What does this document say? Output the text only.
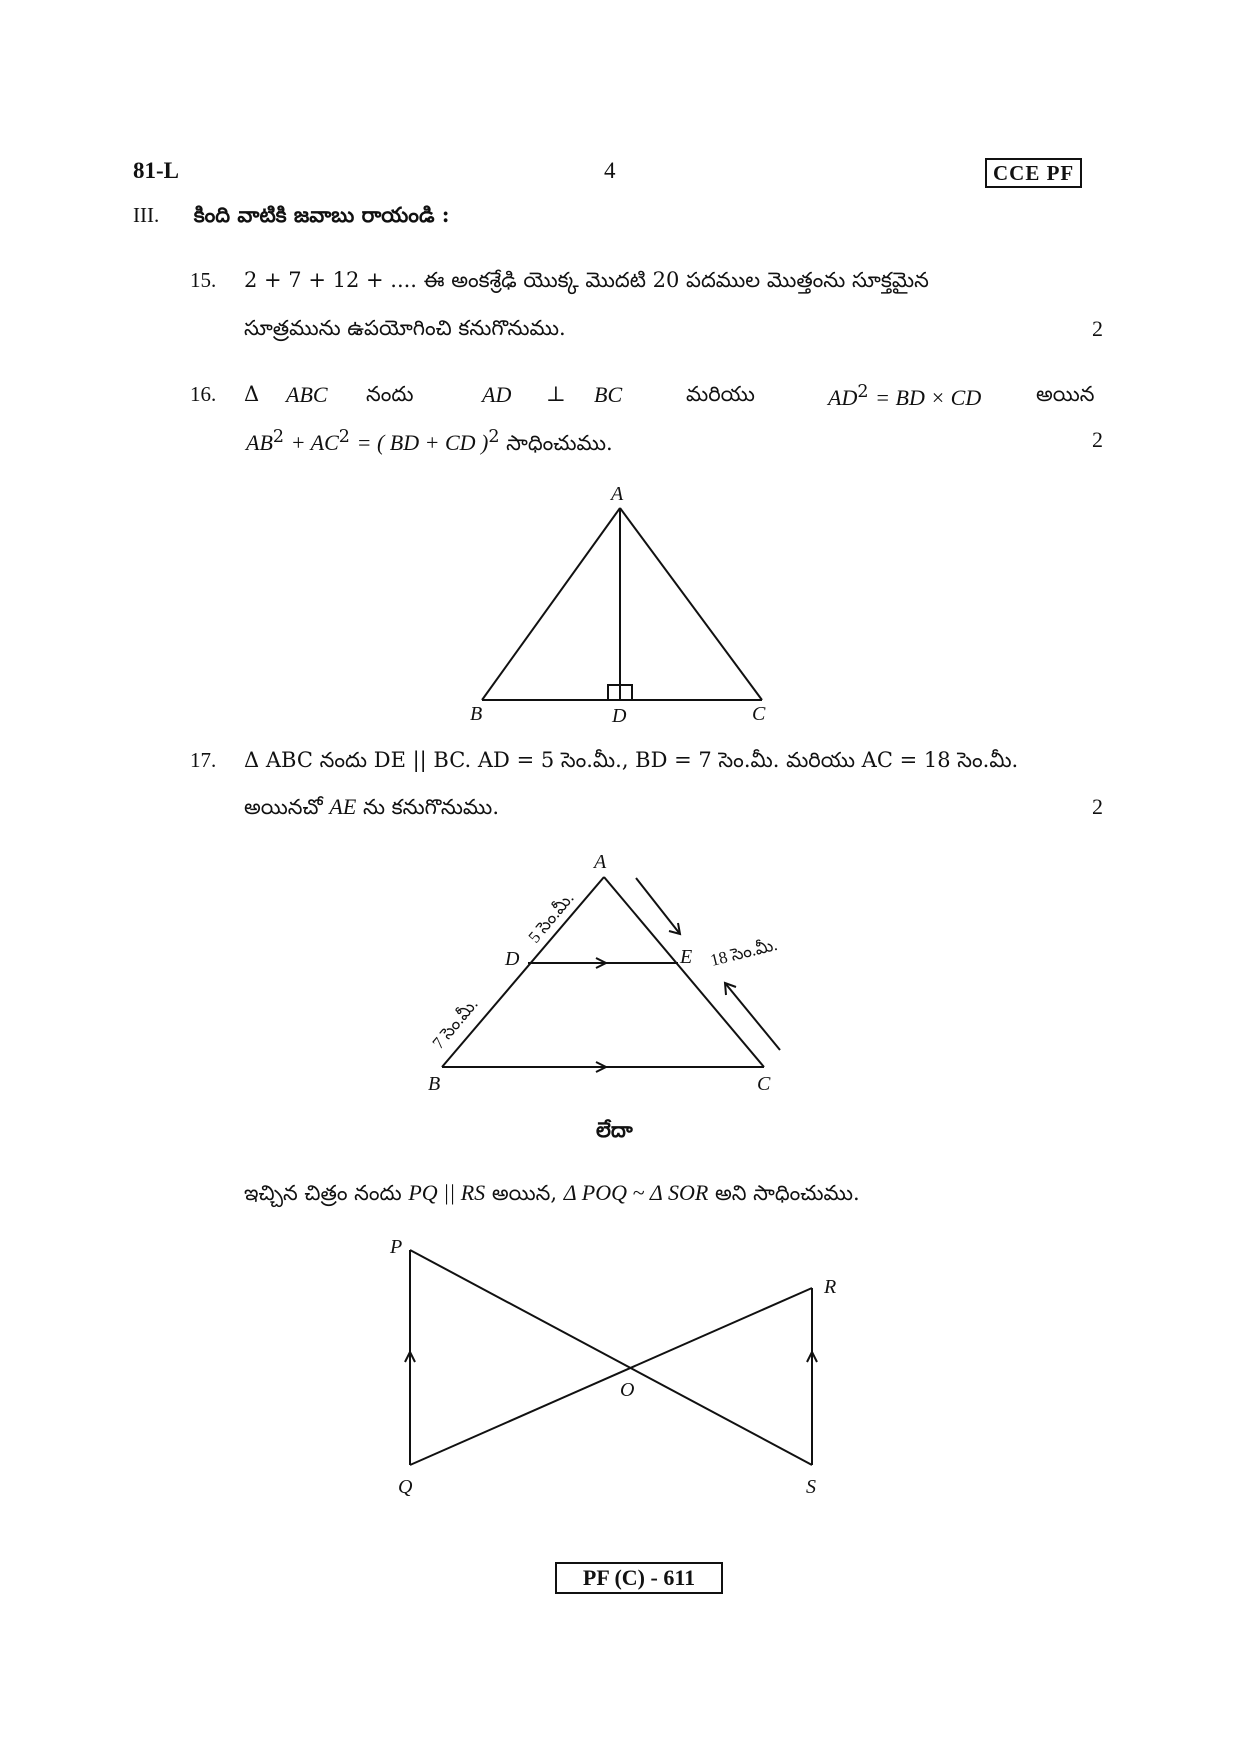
81-L	4	CCE PF
III. కింది వాటికి జవాబు రాయండి :
15. 2 + 7 + 12 + .... ఈ అంకశ్రేఢి యొక్క మొదటి 20 పదముల మొత్తంను సూక్తమైన
సూత్రమును ఉపయోగించి కనుగొనుము.	2
16. Δ ABC నందు	AD ⊥ BC	మరియు	$AD^2$ = BD × CD	అయిన
$AB^2 + AC^2$ = ( BD + CD )$^2$ సాధించుము.	2
A
B	D	C
A
D	E
B	C
5 సెం.మీ.
7 సెం.మీ.
18 సెం.మీ.
P
Q
R
S
O
17. Δ ABC నందు DE || BC. AD = 5 సెం.మీ., BD = 7 సెం.మీ. మరియు AC = 18 సెం.మీ.
అయినచో AE ను కనుగొనుము.	2
లేదా
ఇచ్చిన చిత్రం నందు PQ || RS అయిన, Δ POQ ~ Δ SOR అని సాధించుము.
PF (C) - 611
